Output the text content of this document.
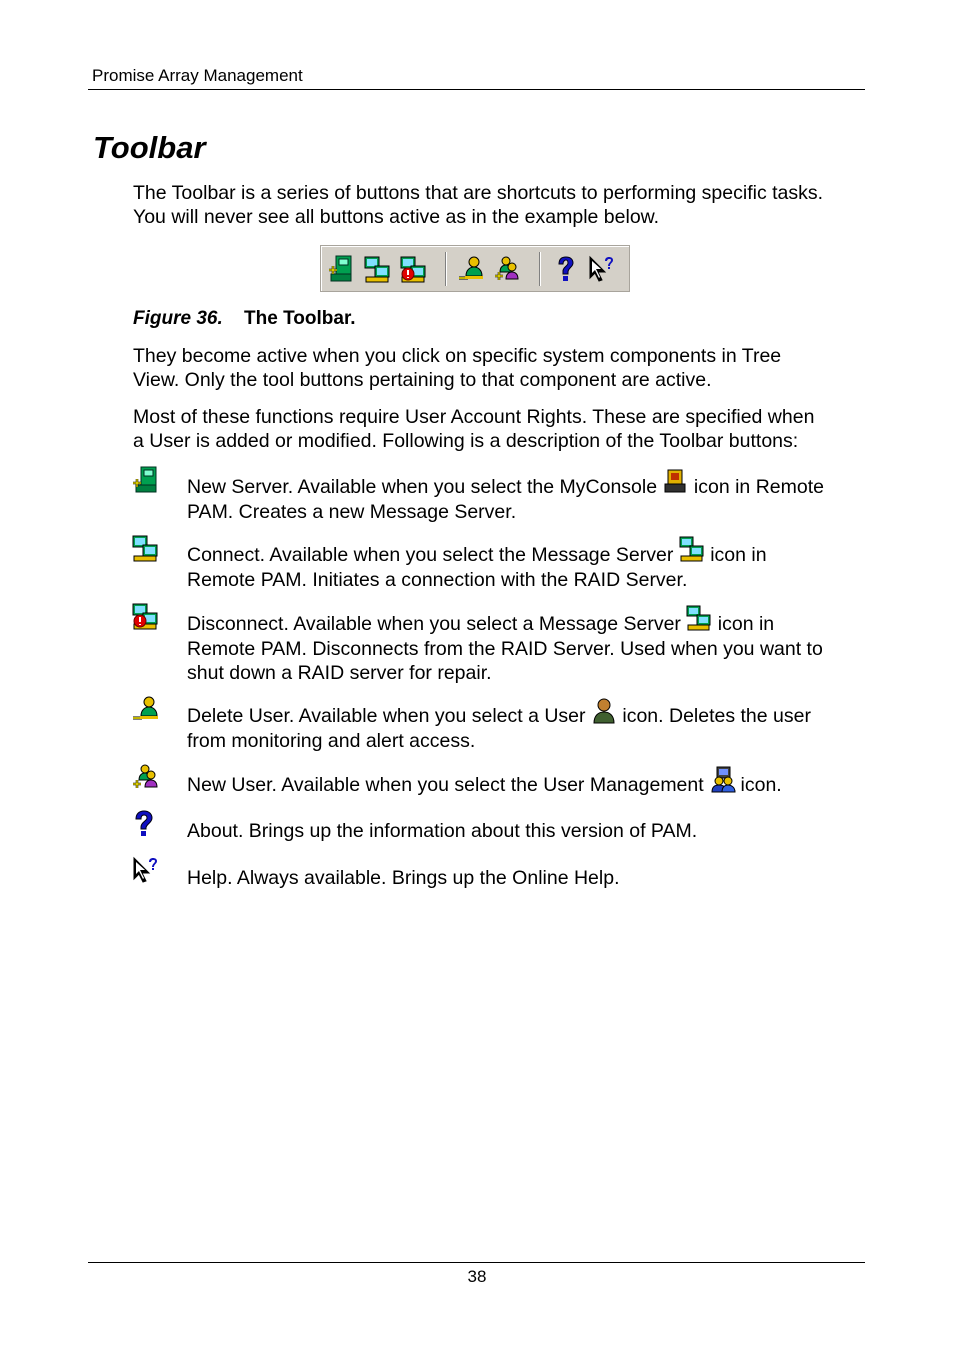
Promise Array Management
Toolbar

The Toolbar is a series of buttons that are shortcuts to performing specific tasks.
You will never see all buttons active as in the example below.

Figure 36. The Toolbar.

They become active when you click on specific system components in Tree
View. Only the tool buttons pertaining to that component are active.

Most of these functions require User Account Rights. These are specified when
a User is added or modified. Following is a description of the Toolbar buttons:

New Server. Available when you select the MyConsole icon in Remote
PAM. Creates a new Message Server.

Connect. Available when you select the Message Server icon in
Remote PAM. Initiates a connection with the RAID Server.

Disconnect. Available when you select a Message Server icon in
Remote PAM. Disconnects from the RAID Server. Used when you want to
shut down a RAID server for repair.

Delete User. Available when you select a User icon. Deletes the user
from monitoring and alert access.

New User. Available when you select the User Management icon.

About. Brings up the information about this version of PAM.

Help. Always available. Brings up the Online Help.

38
